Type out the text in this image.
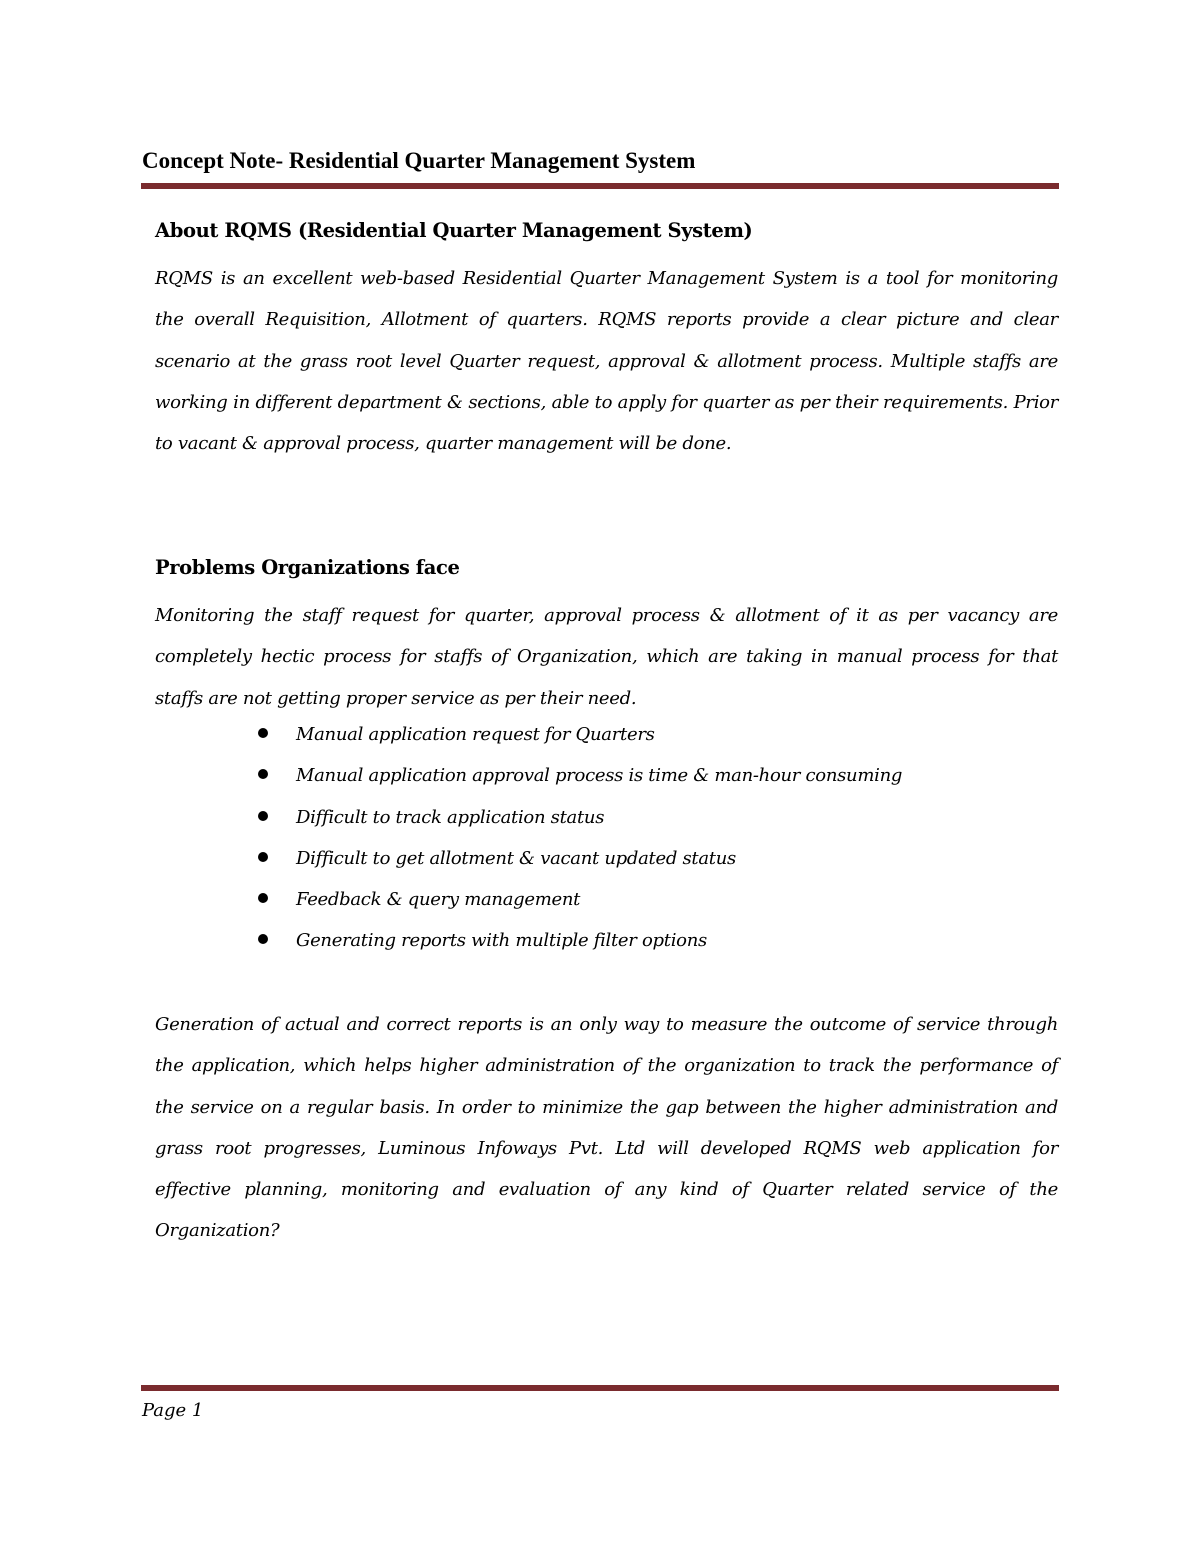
Concept Note- Residential Quarter Management System
About RQMS (Residential Quarter Management System)

RQMS is an excellent web-based Residential Quarter Management System is a tool for monitoring the overall Requisition, Allotment of quarters. RQMS reports provide a clear picture and clear scenario at the grass root level Quarter request, approval & allotment process. Multiple staffs are working in different department & sections, able to apply for quarter as per their requirements. Prior to vacant & approval process, quarter management will be done.

Problems Organizations face

Monitoring the staff request for quarter, approval process & allotment of it as per vacancy are completely hectic process for staffs of Organization, which are taking in manual process for that staffs are not getting proper service as per their need.

Manual application request for Quarters
Manual application approval process is time & man-hour consuming
Difficult to track application status
Difficult to get allotment & vacant updated status
Feedback & query management
Generating reports with multiple filter options

Generation of actual and correct reports is an only way to measure the outcome of service through the application, which helps higher administration of the organization to track the performance of the service on a regular basis. In order to minimize the gap between the higher administration and grass root progresses, Luminous Infoways Pvt. Ltd will developed RQMS web application for effective planning, monitoring and evaluation of any kind of Quarter related service of the Organization?

Page 1
